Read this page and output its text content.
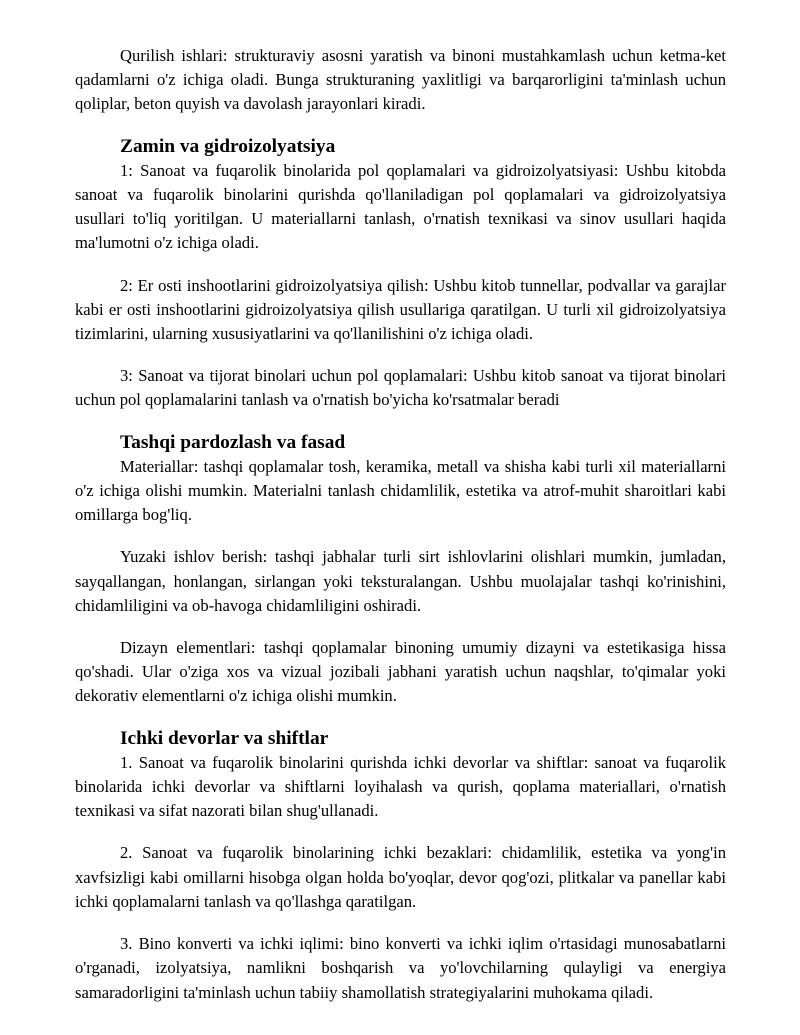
Qurilish ishlari: strukturaviy asosni yaratish va binoni mustahkamlash uchun ketma-ket qadamlarni o'z ichiga oladi. Bunga strukturaning yaxlitligi va barqarorligini ta'minlash uchun qoliplar, beton quyish va davolash jarayonlari kiradi.

Zamin va gidroizolyatsiya

1: Sanoat va fuqarolik binolarida pol qoplamalari va gidroizolyatsiyasi: Ushbu kitobda sanoat va fuqarolik binolarini qurishda qo'llaniladigan pol qoplamalari va gidroizolyatsiya usullari to'liq yoritilgan. U materiallarni tanlash, o'rnatish texnikasi va sinov usullari haqida ma'lumotni o'z ichiga oladi.

2: Er osti inshootlarini gidroizolyatsiya qilish: Ushbu kitob tunnellar, podvallar va garajlar kabi er osti inshootlarini gidroizolyatsiya qilish usullariga qaratilgan. U turli xil gidroizolyatsiya tizimlarini, ularning xususiyatlarini va qo'llanilishini o'z ichiga oladi.

3: Sanoat va tijorat binolari uchun pol qoplamalari: Ushbu kitob sanoat va tijorat binolari uchun pol qoplamalarini tanlash va o'rnatish bo'yicha ko'rsatmalar beradi

Tashqi pardozlash va fasad

Materiallar: tashqi qoplamalar tosh, keramika, metall va shisha kabi turli xil materiallarni o'z ichiga olishi mumkin. Materialni tanlash chidamlilik, estetika va atrof-muhit sharoitlari kabi omillarga bog'liq.

Yuzaki ishlov berish: tashqi jabhalar turli sirt ishlovlarini olishlari mumkin, jumladan, sayqallangan, honlangan, sirlangan yoki teksturalangan. Ushbu muolajalar tashqi ko'rinishini, chidamliligini va ob-havoga chidamliligini oshiradi.

Dizayn elementlari: tashqi qoplamalar binoning umumiy dizayni va estetikasiga hissa qo'shadi. Ular o'ziga xos va vizual jozibali jabhani yaratish uchun naqshlar, to'qimalar yoki dekorativ elementlarni o'z ichiga olishi mumkin.

Ichki devorlar va shiftlar

1. Sanoat va fuqarolik binolarini qurishda ichki devorlar va shiftlar: sanoat va fuqarolik binolarida ichki devorlar va shiftlarni loyihalash va qurish, qoplama materiallari, o'rnatish texnikasi va sifat nazorati bilan shug'ullanadi.

2. Sanoat va fuqarolik binolarining ichki bezaklari: chidamlilik, estetika va yong'in xavfsizligi kabi omillarni hisobga olgan holda bo'yoqlar, devor qog'ozi, plitkalar va panellar kabi ichki qoplamalarni tanlash va qo'llashga qaratilgan.

3. Bino konverti va ichki iqlimi: bino konverti va ichki iqlim o'rtasidagi munosabatlarni o'rganadi, izolyatsiya, namlikni boshqarish va yo'lovchilarning qulayligi va energiya samaradorligini ta'minlash uchun tabiiy shamollatish strategiyalarini muhokama qiladi.
